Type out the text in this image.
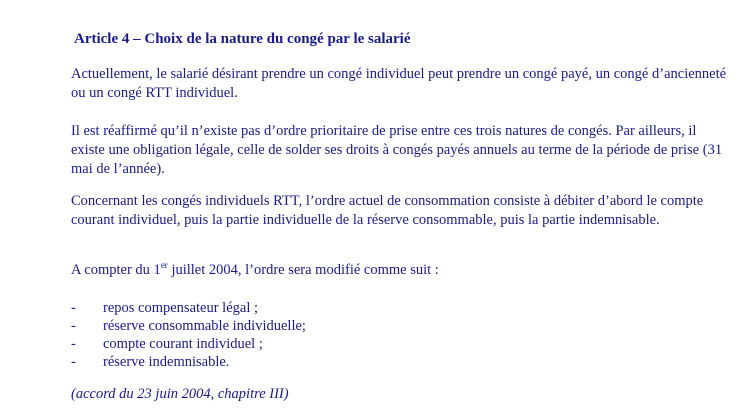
Article 4 – Choix de la nature du congé par le salarié

Actuellement, le salarié désirant prendre un congé individuel peut prendre un congé payé, un congé d’ancienneté ou un congé RTT individuel.

Il est réaffirmé qu’il n’existe pas d’ordre prioritaire de prise entre ces trois natures de congés. Par ailleurs, il existe une obligation légale, celle de solder ses droits à congés payés annuels au terme de la période de prise (31 mai de l’année).

Concernant les congés individuels RTT, l’ordre actuel de consommation consiste à débiter d’abord le compte courant individuel, puis la partie individuelle de la réserve consommable, puis la partie indemnisable.

A compter du 1er juillet 2004, l’ordre sera modifié comme suit :

-	repos compensateur légal ;
-	réserve consommable individuelle;
-	compte courant individuel ;
-	réserve indemnisable.

(accord du 23 juin 2004, chapitre III)
